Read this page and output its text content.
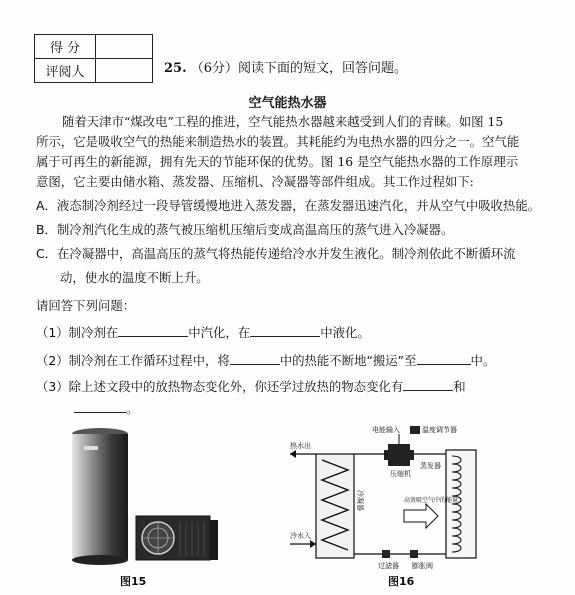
得 分	
评阅人		25. （6分）阅读下面的短文，回答问题。
空气能热水器
随着天津市“煤改电”工程的推进，空气能热水器越来越受到人们的青睐。如图 15
所示，它是吸收空气的热能来制造热水的装置。其耗能约为电热水器的四分之一。空气能
属于可再生的新能源，拥有先天的节能环保的优势。图 16 是空气能热水器的工作原理示
意图，它主要由储水箱、蒸发器、压缩机、冷凝器等部件组成。其工作过程如下:
A．液态制冷剂经过一段导管缓慢地进入蒸发器，在蒸发器迅速汽化，并从空气中吸收热能。
B．制冷剂汽化生成的蒸气被压缩机压缩后变成高温高压的蒸气进入冷凝器。
C．在冷凝器中，高温高压的蒸气将热能传递给冷水并发生液化。制冷剂依此不断循环流
动，使水的温度不断上升。
请回答下列问题：
（1）制冷剂在	中汽化，在	中液化。
（2）制冷剂在工作循环过程中，将	中的热能不断地“搬运”至	中。
（3）除上述文段中的放热物态变化外，你还学过放热的物态变化有	和
。
图15
电能输入	温度调节器
热水出
冷水入
压缩机
蒸发器
高效吸空气中的能量
过滤器 膨胀阀
冷凝器
图16
